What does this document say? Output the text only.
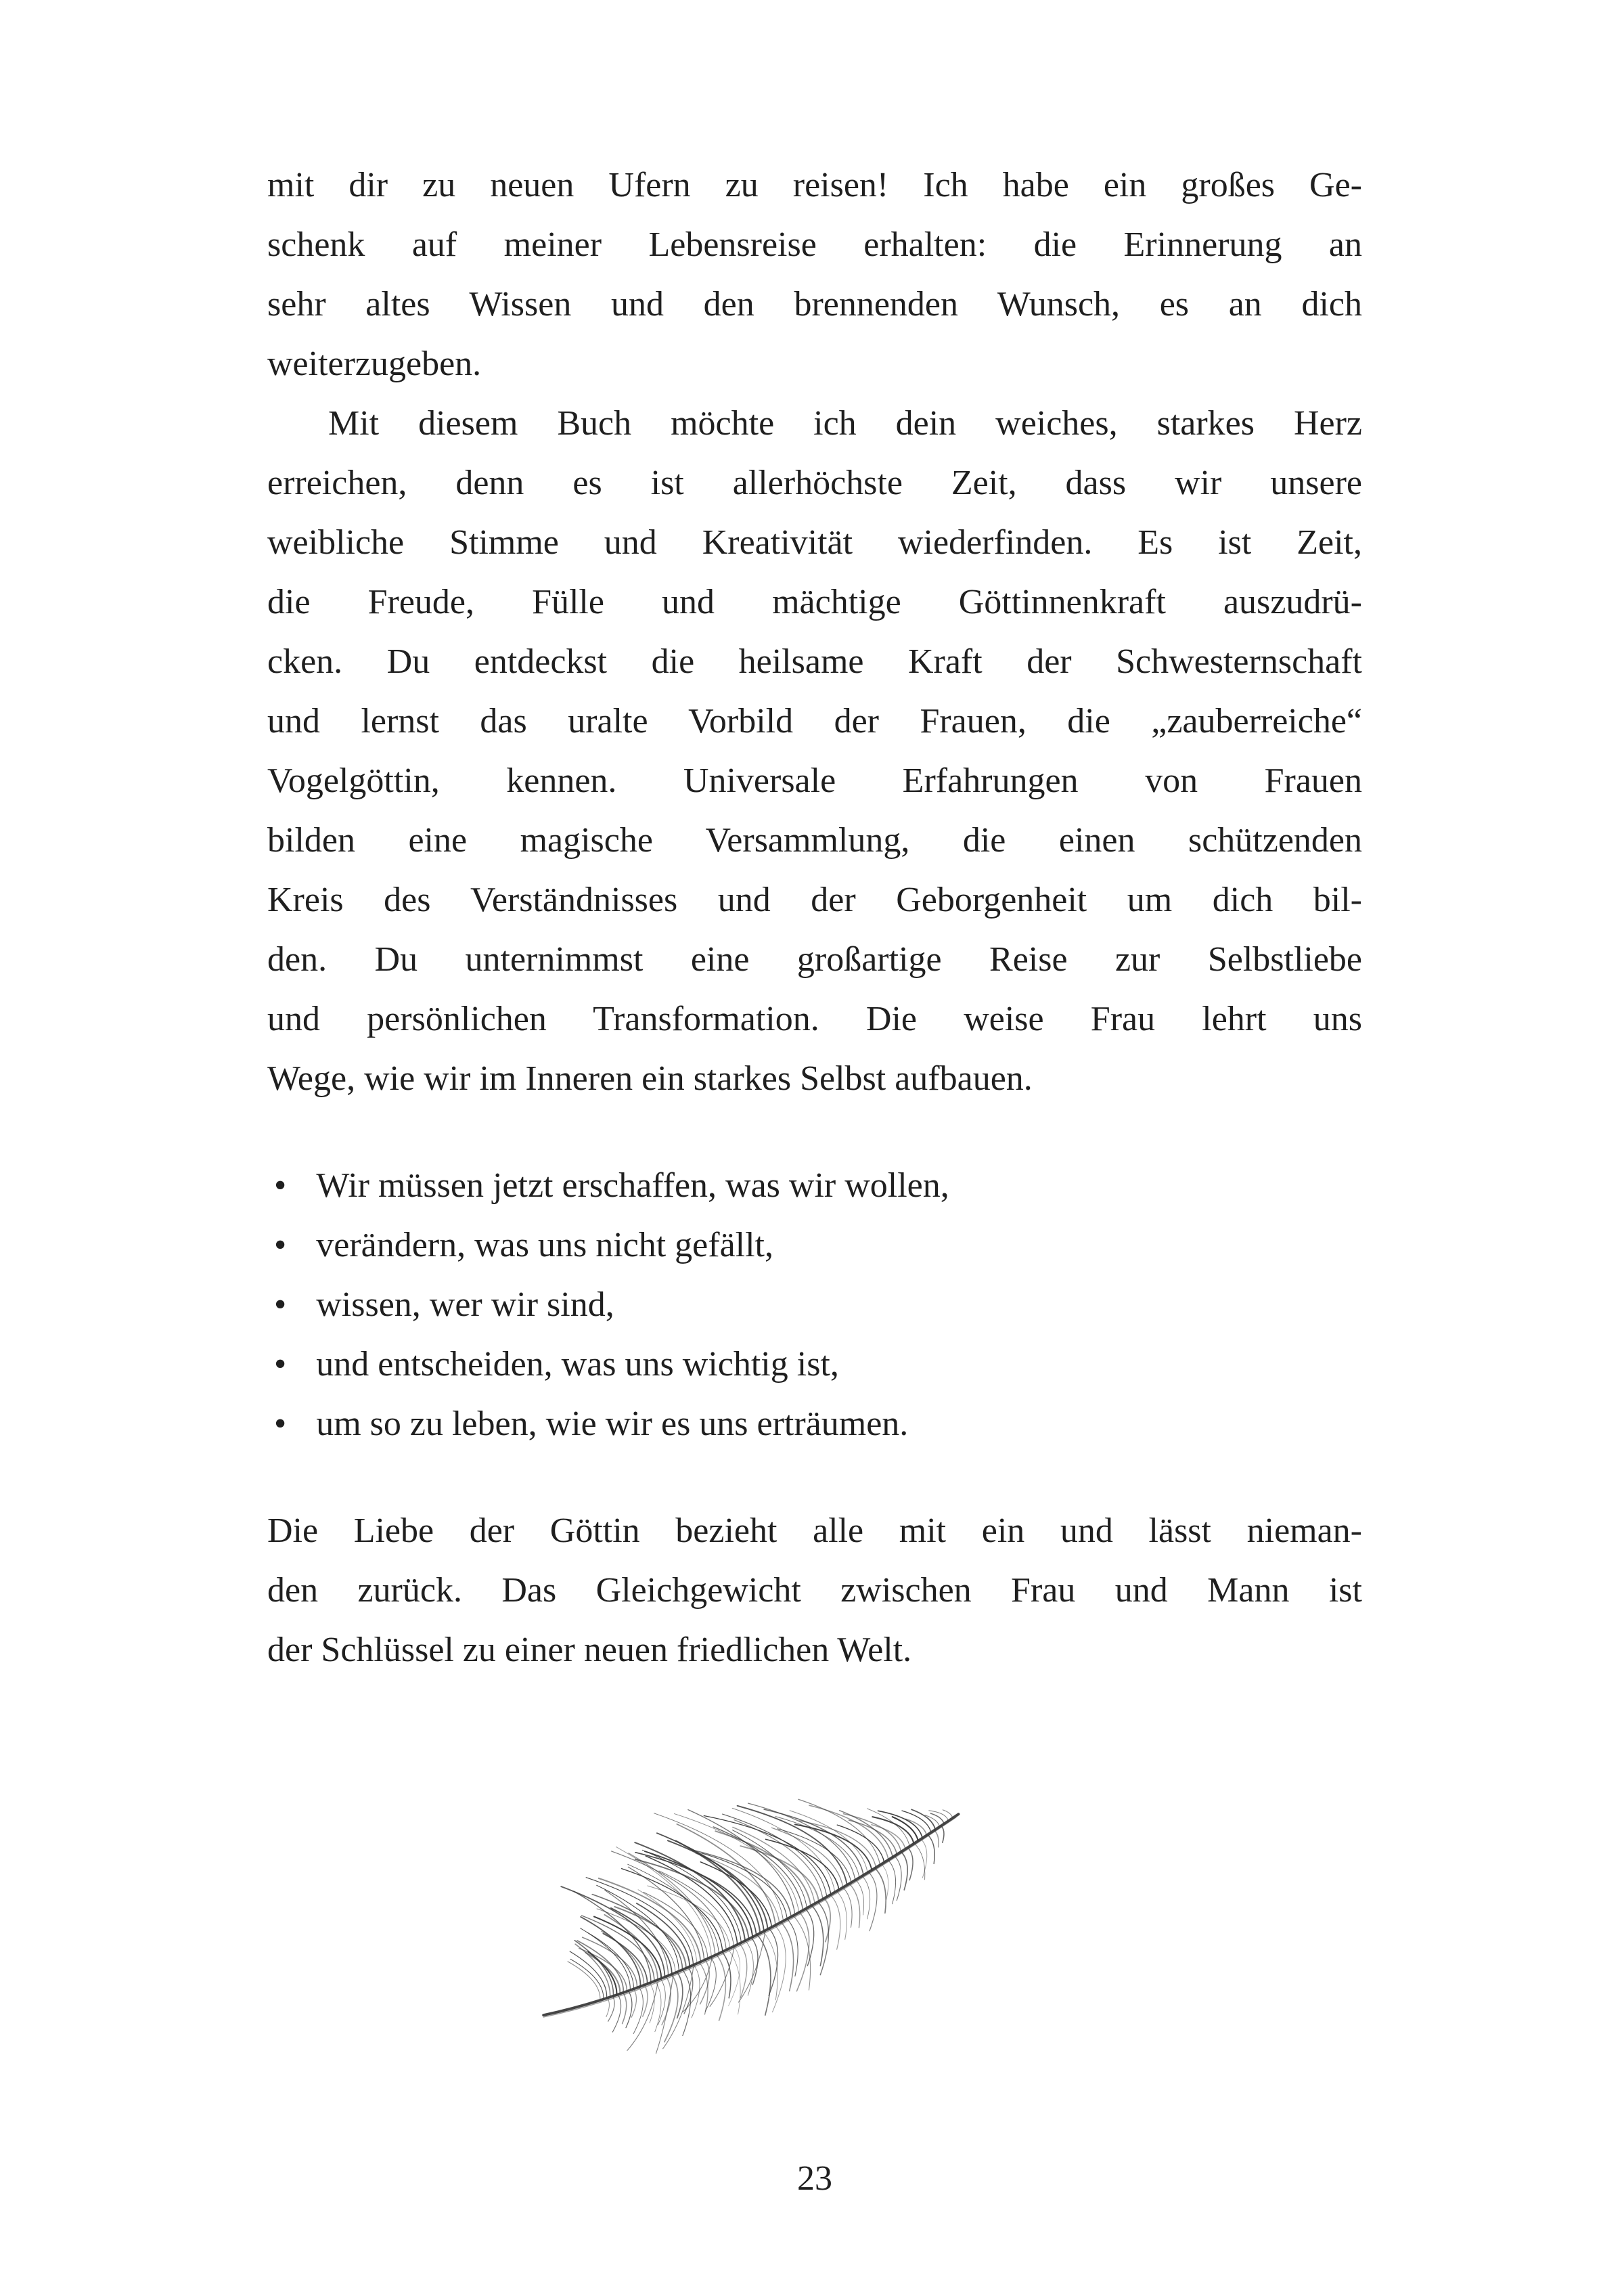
mit dir zu neuen Ufern zu reisen! Ich habe ein großes Ge-
schenk auf meiner Lebensreise erhalten: die Erinnerung an
sehr altes Wissen und den brennenden Wunsch, es an dich
weiterzugeben.
Mit diesem Buch möchte ich dein weiches, starkes Herz
erreichen, denn es ist allerhöchste Zeit, dass wir unsere
weibliche Stimme und Kreativität wiederfinden. Es ist Zeit,
die Freude, Fülle und mächtige Göttinnenkraft auszudrü-
cken. Du entdeckst die heilsame Kraft der Schwesternschaft
und lernst das uralte Vorbild der Frauen, die „zauberreiche“
Vogelgöttin, kennen. Universale Erfahrungen von Frauen
bilden eine magische Versammlung, die einen schützenden
Kreis des Verständnisses und der Geborgenheit um dich bil-
den. Du unternimmst eine großartige Reise zur Selbstliebe
und persönlichen Transformation. Die weise Frau lehrt uns
Wege, wie wir im Inneren ein starkes Selbst aufbauen.
• Wir müssen jetzt erschaffen, was wir wollen,
• verändern, was uns nicht gefällt,
• wissen, wer wir sind,
• und entscheiden, was uns wichtig ist,
• um so zu leben, wie wir es uns erträumen.
Die Liebe der Göttin bezieht alle mit ein und lässt nieman-
den zurück. Das Gleichgewicht zwischen Frau und Mann ist
der Schlüssel zu einer neuen friedlichen Welt.
23
